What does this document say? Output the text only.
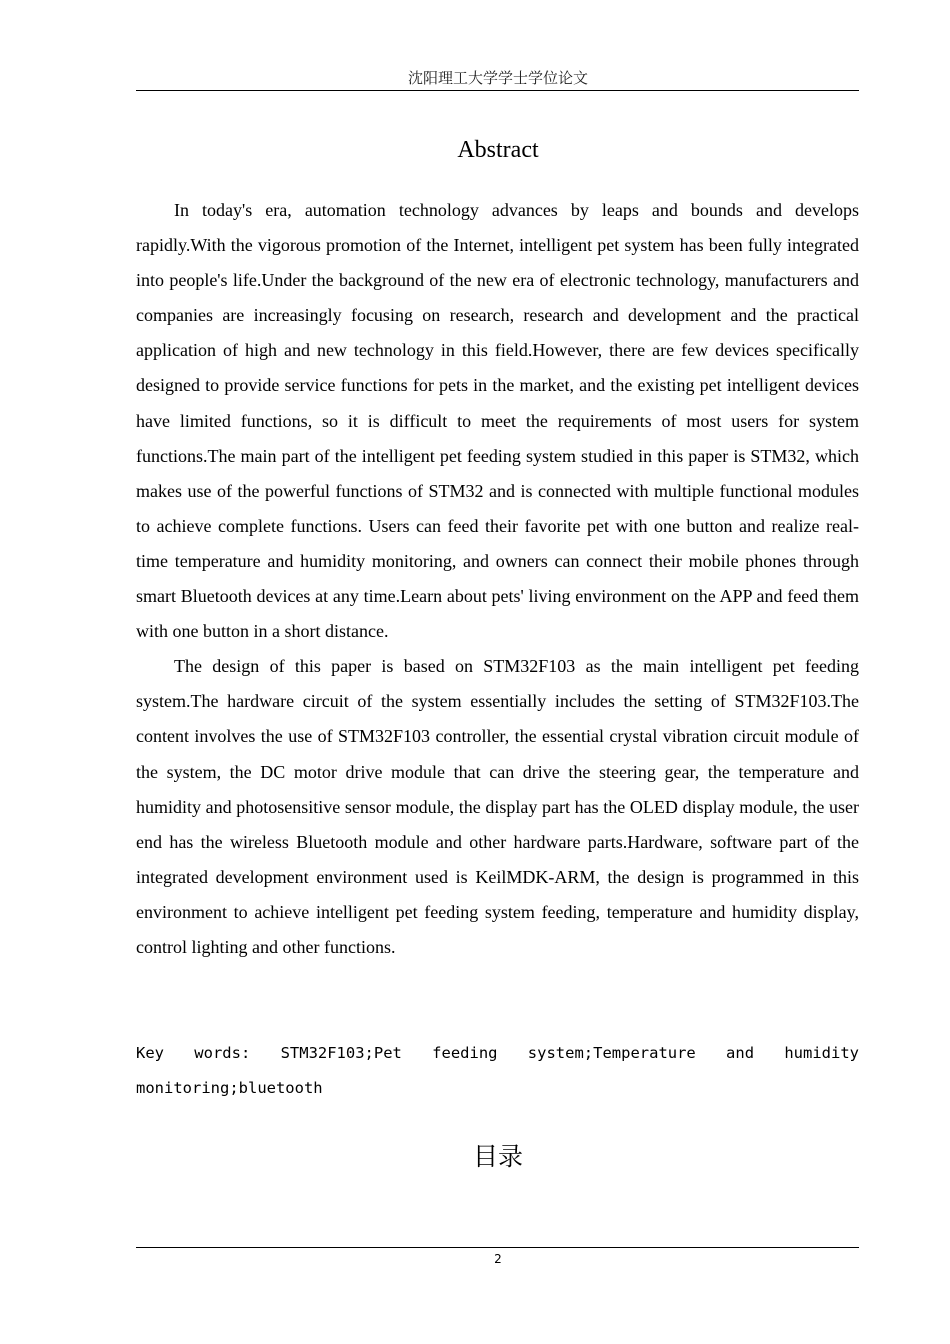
沈阳理工大学学士学位论文
Abstract

In today's era, automation technology advances by leaps and bounds and develops rapidly.With the vigorous promotion of the Internet, intelligent pet system has been fully integrated into people's life.Under the background of the new era of electronic technology, manufacturers and companies are increasingly focusing on research, research and development and the practical application of high and new technology in this field.However, there are few devices specifically designed to provide service functions for pets in the market, and the existing pet intelligent devices have limited functions, so it is difficult to meet the requirements of most users for system functions.The main part of the intelligent pet feeding system studied in this paper is STM32, which makes use of the powerful functions of STM32 and is connected with multiple functional modules to achieve complete functions. Users can feed their favorite pet with one button and realize real-time temperature and humidity monitoring, and owners can connect their mobile phones through smart Bluetooth devices at any time.Learn about pets' living environment on the APP and feed them with one button in a short distance.

The design of this paper is based on STM32F103 as the main intelligent pet feeding system.The hardware circuit of the system essentially includes the setting of STM32F103.The content involves the use of STM32F103 controller, the essential crystal vibration circuit module of the system, the DC motor drive module that can drive the steering gear, the temperature and humidity and photosensitive sensor module, the display part has the OLED display module, the user end has the wireless Bluetooth module and other hardware parts.Hardware, software part of the integrated development environment used is KeilMDK-ARM, the design is programmed in this environment to achieve intelligent pet feeding system feeding, temperature and humidity display, control lighting and other functions.

Key words: STM32F103;Pet feeding system;Temperature and humidity monitoring;bluetooth

目录
2
